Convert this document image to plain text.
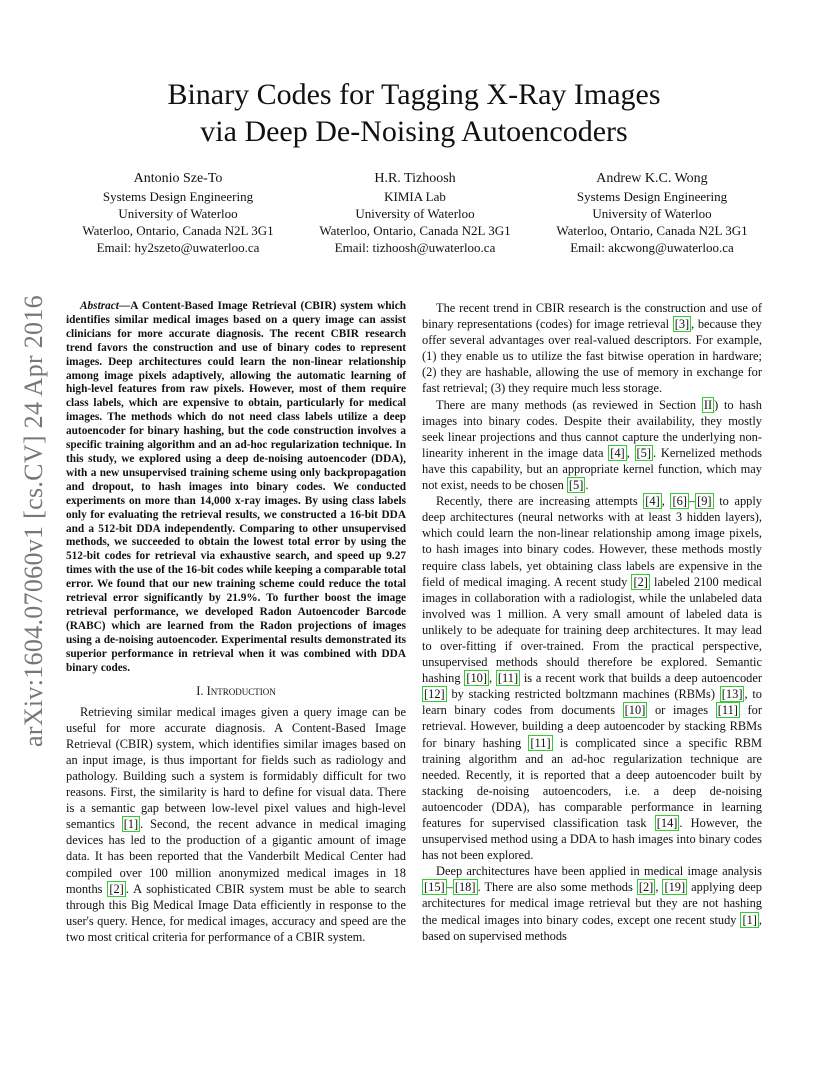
arXiv:1604.07060v1 [cs.CV] 24 Apr 2016
Binary Codes for Tagging X-Ray Images
via Deep De-Noising Autoencoders
Antonio Sze-To
Systems Design Engineering
University of Waterloo
Waterloo, Ontario, Canada N2L 3G1
Email: hy2szeto@uwaterloo.ca
H.R. Tizhoosh
KIMIA Lab
University of Waterloo
Waterloo, Ontario, Canada N2L 3G1
Email: tizhoosh@uwaterloo.ca
Andrew K.C. Wong
Systems Design Engineering
University of Waterloo
Waterloo, Ontario, Canada N2L 3G1
Email: akcwong@uwaterloo.ca

Abstract—A Content-Based Image Retrieval (CBIR) system which identifies similar medical images based on a query image can assist clinicians for more accurate diagnosis. The recent CBIR research trend favors the construction and use of binary codes to represent images. Deep architectures could learn the non-linear relationship among image pixels adaptively, allowing the automatic learning of high-level features from raw pixels. However, most of them require class labels, which are expensive to obtain, particularly for medical images. The methods which do not need class labels utilize a deep autoencoder for binary hashing, but the code construction involves a specific training algorithm and an ad-hoc regularization technique. In this study, we explored using a deep de-noising autoencoder (DDA), with a new unsupervised training scheme using only backpropagation and dropout, to hash images into binary codes. We conducted experiments on more than 14,000 x-ray images. By using class labels only for evaluating the retrieval results, we constructed a 16-bit DDA and a 512-bit DDA independently. Comparing to other unsupervised methods, we succeeded to obtain the lowest total error by using the 512-bit codes for retrieval via exhaustive search, and speed up 9.27 times with the use of the 16-bit codes while keeping a comparable total error. We found that our new training scheme could reduce the total retrieval error significantly by 21.9%. To further boost the image retrieval performance, we developed Radon Autoencoder Barcode (RABC) which are learned from the Radon projections of images using a de-noising autoencoder. Experimental results demonstrated its superior performance in retrieval when it was combined with DDA binary codes.

I. Introduction

Retrieving similar medical images given a query image can be useful for more accurate diagnosis. A Content-Based Image Retrieval (CBIR) system, which identifies similar images based on an input image, is thus important for fields such as radiology and pathology. Building such a system is formidably difficult for two reasons. First, the similarity is hard to define for visual data. There is a semantic gap between low-level pixel values and high-level semantics [1] . Second, the recent advance in medical imaging devices has led to the production of a gigantic amount of image data. It has been reported that the Vanderbilt Medical Center had compiled over 100 million anonymized medical images in 18 months [2] . A sophisticated CBIR system must be able to search through this Big Medical Image Data efficiently in response to the user's query. Hence, for medical images, accuracy and speed are the two most critical criteria for performance of a CBIR system.

The recent trend in CBIR research is the construction and use of binary representations (codes) for image retrieval [3] , because they offer several advantages over real-valued descriptors. For example, (1) they enable us to utilize the fast bitwise operation in hardware; (2) they are hashable, allowing the use of memory in exchange for fast retrieval; (3) they require much less storage.

There are many methods (as reviewed in Section II ) to hash images into binary codes. Despite their availability, they mostly seek linear projections and thus cannot capture the underlying non-linearity inherent in the image data [4] , [5] . Kernelized methods have this capability, but an appropriate kernel function, which may not exist, needs to be chosen [5] .

Recently, there are increasing attempts [4] , [6] – [9] to apply deep architectures (neural networks with at least 3 hidden layers), which could learn the non-linear relationship among image pixels, to hash images into binary codes. However, these methods mostly require class labels, yet obtaining class labels are expensive in the field of medical imaging. A recent study [2] labeled 2100 medical images in collaboration with a radiologist, while the unlabeled data involved was 1 million. A very small amount of labeled data is unlikely to be adequate for training deep architectures. It may lead to over-fitting if over-trained. From the practical perspective, unsupervised methods should therefore be explored. Semantic hashing [10] , [11] is a recent work that builds a deep autoencoder [12] by stacking restricted boltzmann machines (RBMs) [13] , to learn binary codes from documents [10] or images [11] for retrieval. However, building a deep autoencoder by stacking RBMs for binary hashing [11] is complicated since a specific RBM training algorithm and an ad-hoc regularization technique are needed. Recently, it is reported that a deep autoencoder built by stacking de-noising autoencoders, i.e. a deep de-noising autoencoder (DDA), has comparable performance in learning features for supervised classification task [14] . However, the unsupervised method using a DDA to hash images into binary codes has not been explored.

Deep architectures have been applied in medical image analysis [15] – [18] . There are also some methods [2] , [19] applying deep architectures for medical image retrieval but they are not hashing the medical images into binary codes, except one recent study [1] , based on supervised methods
